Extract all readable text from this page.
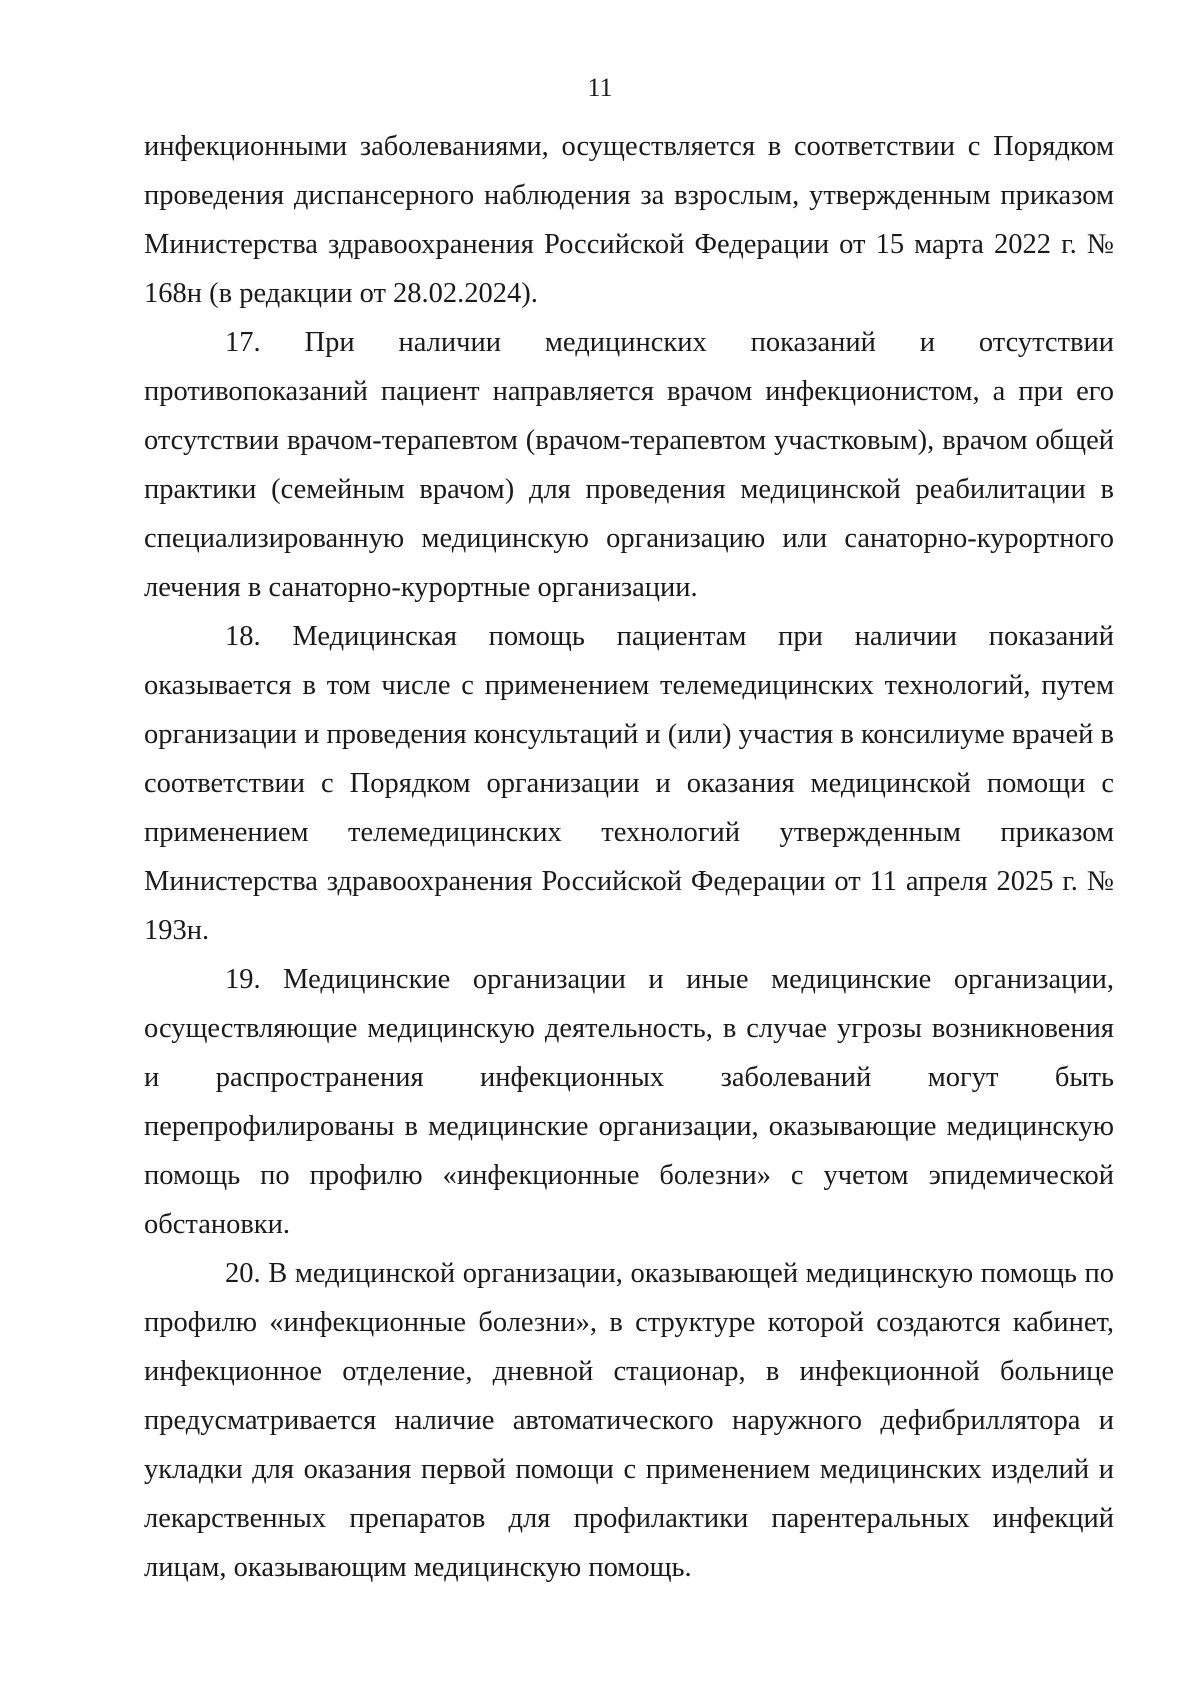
11

инфекционными заболеваниями, осуществляется в соответствии с Порядком проведения диспансерного наблюдения за взрослым, утвержденным приказом Министерства здравоохранения Российской Федерации от 15 марта 2022 г. № 168н (в редакции от 28.02.2024).

17. При наличии медицинских показаний и отсутствии противопоказаний пациент направляется врачом инфекционистом, а при его отсутствии врачом-терапевтом (врачом-терапевтом участковым), врачом общей практики (семейным врачом) для проведения медицинской реабилитации в специализированную медицинскую организацию или санаторно-курортного лечения в санаторно-курортные организации.

18. Медицинская помощь пациентам при наличии показаний оказывается в том числе с применением телемедицинских технологий, путем организации и проведения консультаций и (или) участия в консилиуме врачей в соответствии с Порядком организации и оказания медицинской помощи с применением телемедицинских технологий утвержденным приказом Министерства здравоохранения Российской Федерации от 11 апреля 2025 г. № 193н.

19. Медицинские организации и иные медицинские организации, осуществляющие медицинскую деятельность, в случае угрозы возникновения и распространения инфекционных заболеваний могут быть перепрофилированы в медицинские организации, оказывающие медицинскую помощь по профилю «инфекционные болезни» с учетом эпидемической обстановки.

20. В медицинской организации, оказывающей медицинскую помощь по профилю «инфекционные болезни», в структуре которой создаются кабинет, инфекционное отделение, дневной стационар, в инфекционной больнице предусматривается наличие автоматического наружного дефибриллятора и укладки для оказания первой помощи с применением медицинских изделий и лекарственных препаратов для профилактики парентеральных инфекций лицам, оказывающим медицинскую помощь.
